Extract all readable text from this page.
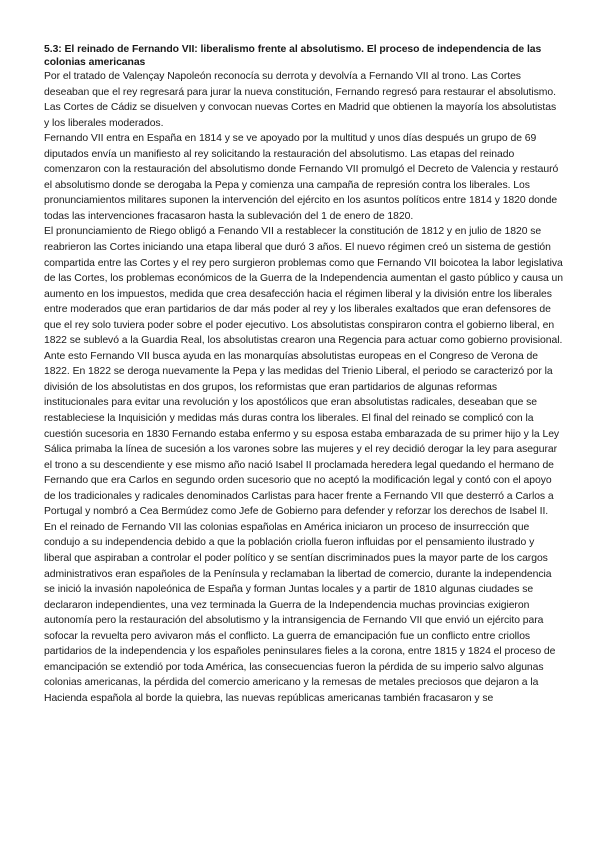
5.3: El reinado de Fernando VII: liberalismo frente al absolutismo. El proceso de independencia de las colonias americanas

Por el tratado de Valençay Napoleón reconocía su derrota y devolvía a Fernando VII al trono. Las Cortes deseaban que el rey regresará para jurar la nueva constitución, Fernando regresó para restaurar el absolutismo. Las Cortes de Cádiz se disuelven y convocan nuevas Cortes en Madrid que obtienen la mayoría los absolutistas y los liberales moderados.

Fernando VII entra en España en 1814 y se ve apoyado por la multitud y unos días después un grupo de 69 diputados envía un manifiesto al rey solicitando la restauración del absolutismo. Las etapas del reinado comenzaron con la restauración del absolutismo donde Fernando VII promulgó el Decreto de Valencia y restauró el absolutismo donde se derogaba la Pepa y comienza una campaña de represión contra los liberales. Los pronunciamientos militares suponen la intervención del ejército en los asuntos políticos entre 1814 y 1820 donde todas las intervenciones fracasaron hasta la sublevación del 1 de enero de 1820.

El pronunciamiento de Riego obligó a Fenando VII a restablecer la constitución de 1812 y en julio de 1820 se reabrieron las Cortes iniciando una etapa liberal que duró 3 años. El nuevo régimen creó un sistema de gestión compartida entre las Cortes y el rey pero surgieron problemas como que Fernando VII boicotea la labor legislativa de las Cortes, los problemas económicos de la Guerra de la Independencia aumentan el gasto público y causa un aumento en los impuestos, medida que crea desafección hacia el régimen liberal y la división entre los liberales entre moderados que eran partidarios de dar más poder al rey y los liberales exaltados que eran defensores de que el rey solo tuviera poder sobre el poder ejecutivo. Los absolutistas conspiraron contra el gobierno liberal, en 1822 se sublevó a la Guardia Real, los absolutistas crearon una Regencia para actuar como gobierno provisional. Ante esto Fernando VII busca ayuda en las monarquías absolutistas europeas en el Congreso de Verona de 1822. En 1822 se deroga nuevamente la Pepa y las medidas del Trienio Liberal, el periodo se caracterizó por la división de los absolutistas en dos grupos, los reformistas que eran partidarios de algunas reformas institucionales para evitar una revolución y los apostólicos que eran absolutistas radicales, deseaban que se restableciese la Inquisición y medidas más duras contra los liberales. El final del reinado se complicó con la cuestión sucesoria en 1830 Fernando estaba enfermo y su esposa estaba embarazada de su primer hijo y la Ley Sálica primaba la línea de sucesión a los varones sobre las mujeres y el rey decidió derogar la ley para asegurar el trono a su descendiente y ese mismo año nació Isabel II proclamada heredera legal quedando el hermano de Fernando que era Carlos en segundo orden sucesorio que no aceptó la modificación legal y contó con el apoyo de los tradicionales y radicales denominados Carlistas para hacer frente a Fernando VII que desterró a Carlos a Portugal y nombró a Cea Bermúdez como Jefe de Gobierno para defender y reforzar los derechos de Isabel II.

En el reinado de Fernando VII las colonias españolas en América iniciaron un proceso de insurrección que condujo a su independencia debido a que la población criolla fueron influidas por el pensamiento ilustrado y liberal que aspiraban a controlar el poder político y se sentían discriminados pues la mayor parte de los cargos administrativos eran españoles de la Península y reclamaban la libertad de comercio, durante la independencia se inició la invasión napoleónica de España y forman Juntas locales y a partir de 1810 algunas ciudades se declararon independientes, una vez terminada la Guerra de la Independencia muchas provincias exigieron autonomía pero la restauración del absolutismo y la intransigencia de Fernando VII que envió un ejército para sofocar la revuelta pero avivaron más el conflicto. La guerra de emancipación fue un conflicto entre criollos partidarios de la independencia y los españoles peninsulares fieles a la corona, entre 1815 y 1824 el proceso de emancipación se extendió por toda América, las consecuencias fueron la pérdida de su imperio salvo algunas colonias americanas, la pérdida del comercio americano y la remesas de metales preciosos que dejaron a la Hacienda española al borde la quiebra, las nuevas repúblicas americanas también fracasaron y se
